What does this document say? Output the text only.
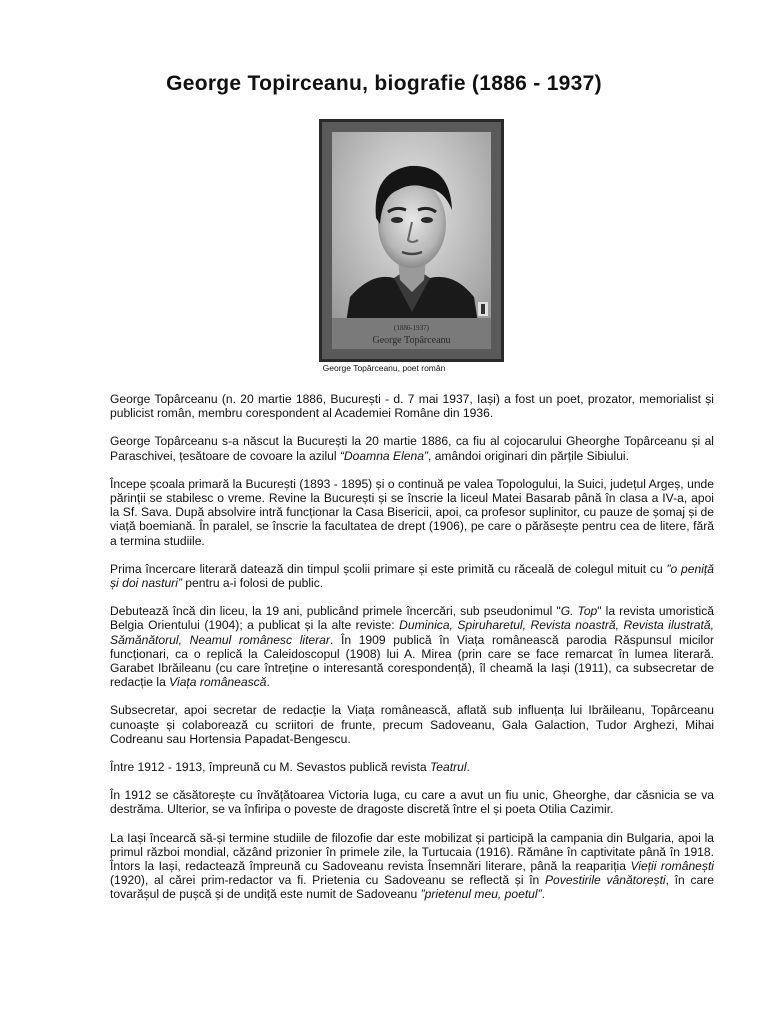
George Topirceanu, biografie (1886 - 1937)
(1886-1937)
George Topârceanu

George Topârceanu, poet român

George Topârceanu (n. 20 martie 1886, București - d. 7 mai 1937, Iași) a fost un poet, prozator, memorialist și publicist român, membru corespondent al Academiei Române din 1936.

George Topârceanu s-a născut la București la 20 martie 1886, ca fiu al cojocarului Gheorghe Topârceanu și al Paraschivei, țesătoare de covoare la azilul “Doamna Elena”, amândoi originari din părțile Sibiului.

Începe școala primară la București (1893 - 1895) și o continuă pe valea Topologului, la Suici, județul Argeș, unde părinții se stabilesc o vreme. Revine la București și se înscrie la liceul Matei Basarab până în clasa a IV-a, apoi la Sf. Sava. După absolvire intră funcționar la Casa Bisericii, apoi, ca profesor suplinitor, cu pauze de șomaj și de viață boemiană. În paralel, se înscrie la facultatea de drept (1906), pe care o părăsește pentru cea de litere, fără a termina studiile.

Prima încercare literară datează din timpul școlii primare și este primită cu răceală de colegul mituit cu ”o peniță și doi nasturi” pentru a-i folosi de public.

Debutează încă din liceu, la 19 ani, publicând primele încercări, sub pseudonimul "G. Top" la revista umoristică Belgia Orientului (1904); a publicat și la alte reviste: Duminica, Spiruharetul, Revista noastră, Revista ilustrată, Sămănătorul, Neamul românesc literar. În 1909 publică în Viața românească parodia Răspunsul micilor funcționari, ca o replică la Caleidoscopul (1908) lui A. Mirea (prin care se face remarcat în lumea literară. Garabet Ibrăileanu (cu care întreține o interesantă corespondență), îl cheamă la Iași (1911), ca subsecretar de redacție la Viața românească.

Subsecretar, apoi secretar de redacție la Viața românească, aflată sub influența lui Ibrăileanu, Topârceanu cunoaște și colaborează cu scriitori de frunte, precum Sadoveanu, Gala Galaction, Tudor Arghezi, Mihai Codreanu sau Hortensia Papadat-Bengescu.

Între 1912 - 1913, împreună cu M. Sevastos publică revista Teatrul.

În 1912 se căsătorește cu învățătoarea Victoria Iuga, cu care a avut un fiu unic, Gheorghe, dar căsnicia se va destrăma. Ulterior, se va înfiripa o poveste de dragoste discretă între el și poeta Otilia Cazimir.

La Iași încearcă să-și termine studiile de filozofie dar este mobilizat și participă la campania din Bulgaria, apoi la primul război mondial, căzând prizonier în primele zile, la Turtucaia (1916). Rămâne în captivitate până în 1918. Întors la Iași, redactează împreună cu Sadoveanu revista Însemnări literare, până la reapariția Vieții românești (1920), al cărei prim-redactor va fi. Prietenia cu Sadoveanu se reflectă și în Povestirile vânătorești, în care tovarășul de pușcă și de undiță este numit de Sadoveanu ”prietenul meu, poetul”.
